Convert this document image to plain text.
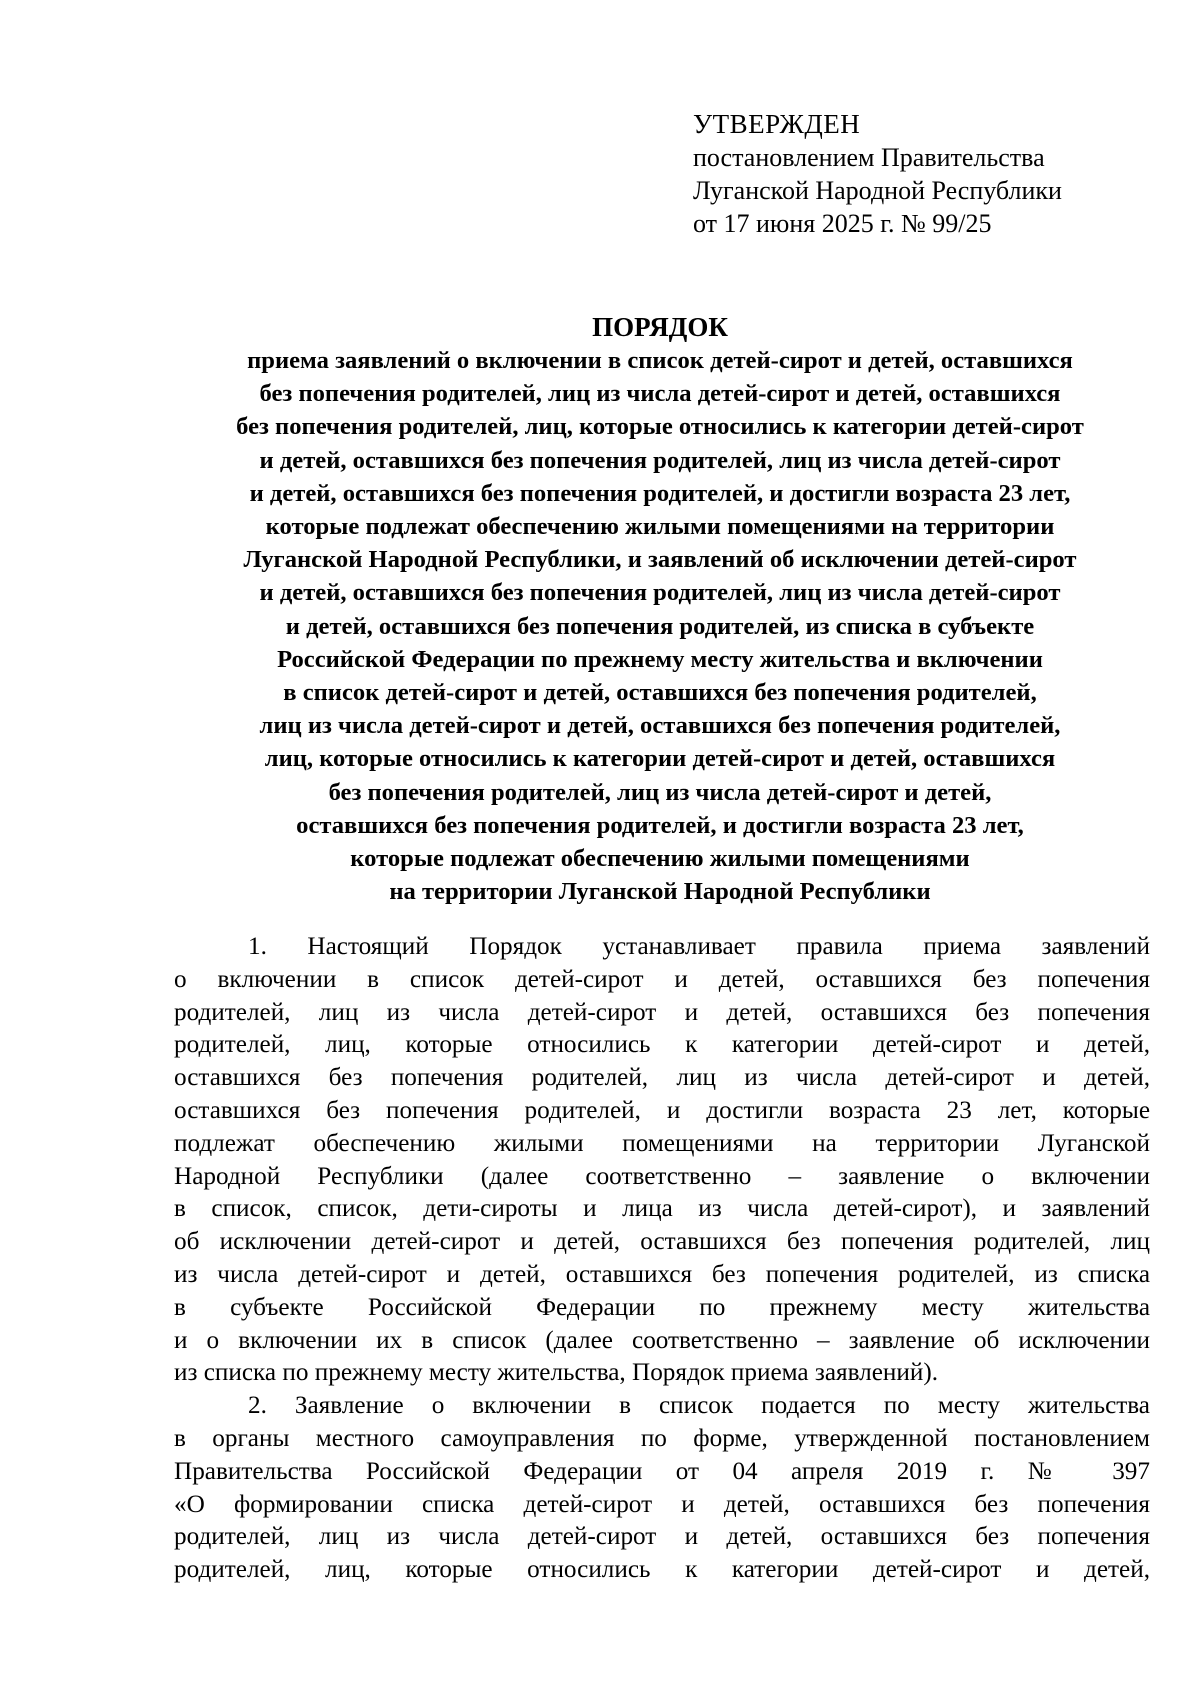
УТВЕРЖДЕН
постановлением Правительства
Луганской Народной Республики
от 17 июня 2025 г. № 99/25
ПОРЯДОК
приема заявлений о включении в список детей-сирот и детей, оставшихся
без попечения родителей, лиц из числа детей-сирот и детей, оставшихся
без попечения родителей, лиц, которые относились к категории детей-сирот
и детей, оставшихся без попечения родителей, лиц из числа детей-сирот
и детей, оставшихся без попечения родителей, и достигли возраста 23 лет,
которые подлежат обеспечению жилыми помещениями на территории
Луганской Народной Республики, и заявлений об исключении детей-сирот
и детей, оставшихся без попечения родителей, лиц из числа детей-сирот
и детей, оставшихся без попечения родителей, из списка в субъекте
Российской Федерации по прежнему месту жительства и включении
в список детей-сирот и детей, оставшихся без попечения родителей,
лиц из числа детей-сирот и детей, оставшихся без попечения родителей,
лиц, которые относились к категории детей-сирот и детей, оставшихся
без попечения родителей, лиц из числа детей-сирот и детей,
оставшихся без попечения родителей, и достигли возраста 23 лет,
которые подлежат обеспечению жилыми помещениями
на территории Луганской Народной Республики
1. Настоящий Порядок устанавливает правила приема заявлений
о включении в список детей-сирот и детей, оставшихся без попечения
родителей, лиц из числа детей-сирот и детей, оставшихся без попечения
родителей, лиц, которые относились к категории детей-сирот и детей,
оставшихся без попечения родителей, лиц из числа детей-сирот и детей,
оставшихся без попечения родителей, и достигли возраста 23 лет, которые
подлежат обеспечению жилыми помещениями на территории Луганской
Народной Республики (далее соответственно – заявление о включении
в список, список, дети-сироты и лица из числа детей-сирот), и заявлений
об исключении детей-сирот и детей, оставшихся без попечения родителей, лиц
из числа детей-сирот и детей, оставшихся без попечения родителей, из списка
в субъекте Российской Федерации по прежнему месту жительства
и о включении их в список (далее соответственно – заявление об исключении
из списка по прежнему месту жительства, Порядок приема заявлений).
2. Заявление о включении в список подается по месту жительства
в органы местного самоуправления по форме, утвержденной постановлением
Правительства Российской Федерации от 04 апреля 2019 г. № 397
«О формировании списка детей-сирот и детей, оставшихся без попечения
родителей, лиц из числа детей-сирот и детей, оставшихся без попечения
родителей, лиц, которые относились к категории детей-сирот и детей,
